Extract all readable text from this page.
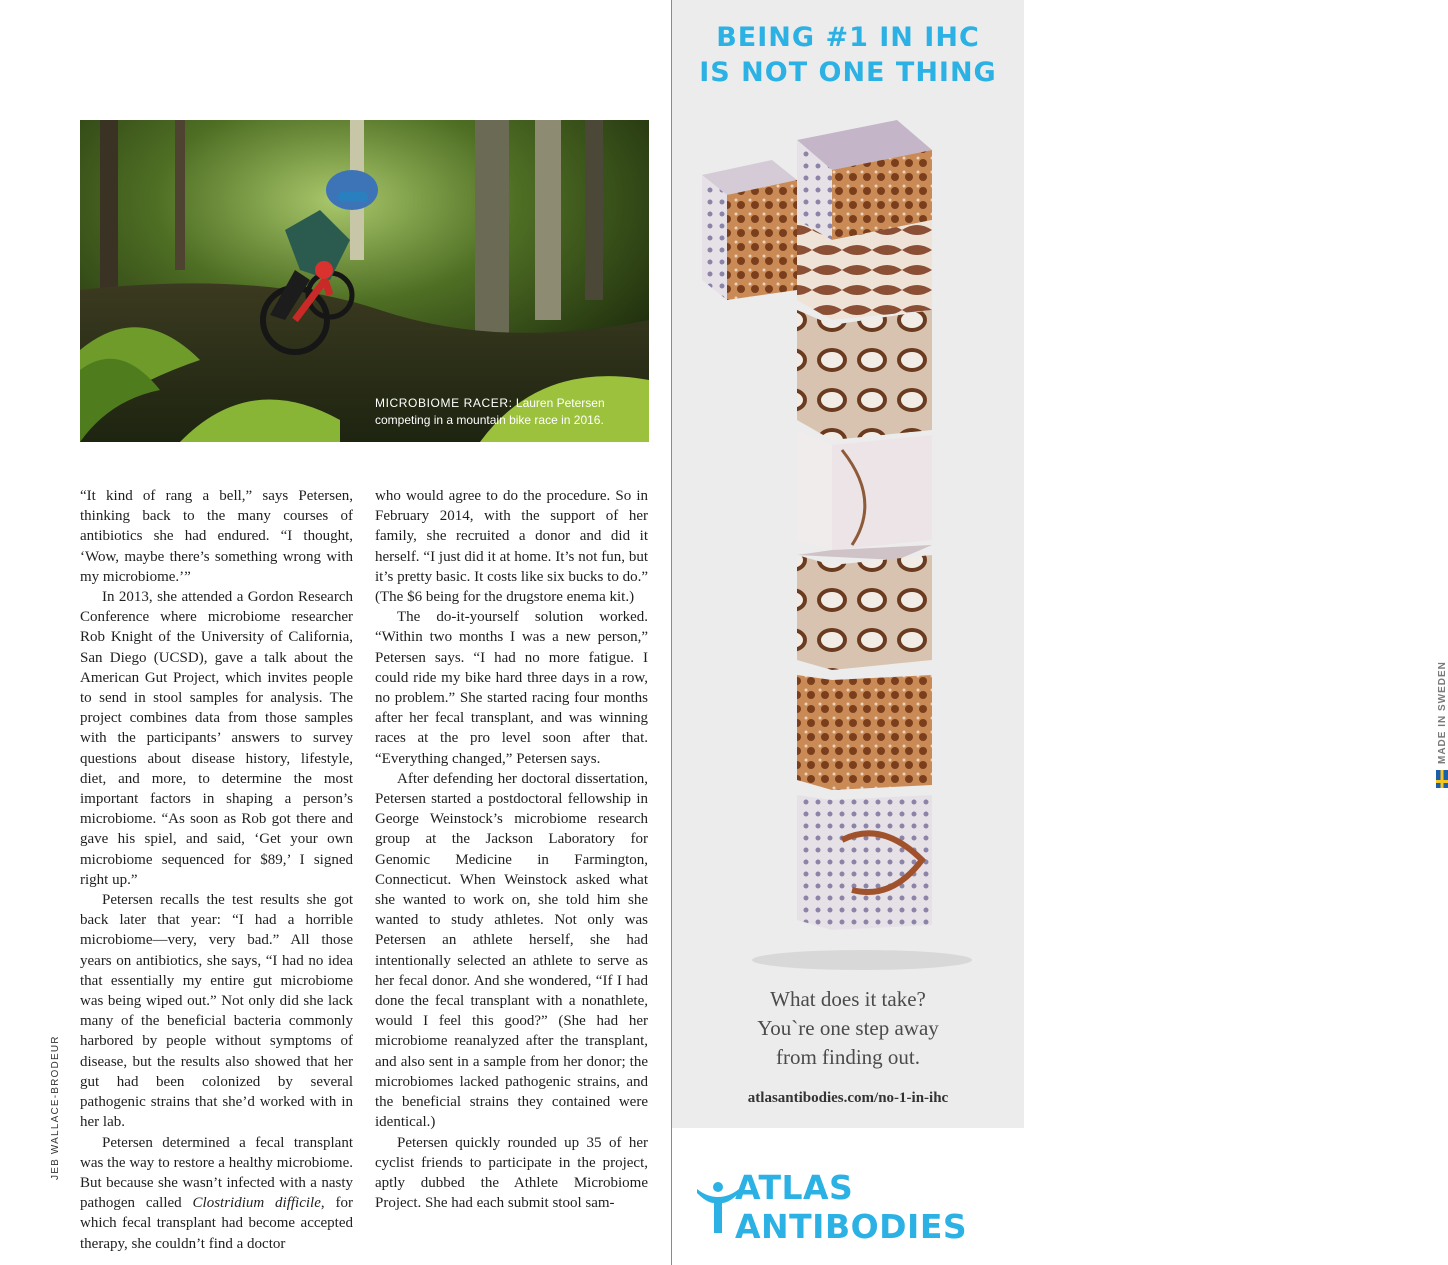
MICROBIOME RACER: Lauren Petersen competing in a mountain bike race in 2016.

“It kind of rang a bell,” says Petersen, thinking back to the many courses of antibiotics she had endured. “I thought, ‘Wow, maybe there’s something wrong with my microbiome.’”

In 2013, she attended a Gordon Research Conference where microbiome researcher Rob Knight of the University of California, San Diego (UCSD), gave a talk about the American Gut Project, which invites people to send in stool samples for analysis. The project combines data from those samples with the participants’ answers to survey questions about disease history, lifestyle, diet, and more, to determine the most important factors in shaping a person’s microbiome. “As soon as Rob got there and gave his spiel, and said, ‘Get your own microbiome sequenced for $89,’ I signed right up.”

Petersen recalls the test results she got back later that year: “I had a horrible microbiome—very, very bad.” All those years on antibiotics, she says, “I had no idea that essentially my entire gut microbiome was being wiped out.” Not only did she lack many of the beneficial bacteria commonly harbored by people without symptoms of disease, but the results also showed that her gut had been colonized by several pathogenic strains that she’d worked with in her lab.

Petersen determined a fecal transplant was the way to restore a healthy microbiome. But because she wasn’t infected with a nasty pathogen called Clostridium difficile, for which fecal transplant had become accepted therapy, she couldn’t find a doctor

who would agree to do the procedure. So in February 2014, with the support of her family, she recruited a donor and did it herself. “I just did it at home. It’s not fun, but it’s pretty basic. It costs like six bucks to do.” (The $6 being for the drugstore enema kit.)

The do-it-yourself solution worked. “Within two months I was a new person,” Petersen says. “I had no more fatigue. I could ride my bike hard three days in a row, no problem.” She started racing four months after her fecal transplant, and was winning races at the pro level soon after that. “Everything changed,” Petersen says.

After defending her doctoral dissertation, Petersen started a postdoctoral fellowship in George Weinstock’s microbiome research group at the Jackson Laboratory for Genomic Medicine in Farmington, Connecticut. When Weinstock asked what she wanted to work on, she told him she wanted to study athletes. Not only was Petersen an athlete herself, she had intentionally selected an athlete to serve as her fecal donor. And she wondered, “If I had done the fecal transplant with a nonathlete, would I feel this good?” (She had her microbiome reanalyzed after the transplant, and also sent in a sample from her donor; the microbiomes lacked pathogenic strains, and the beneficial strains they contained were identical.)

Petersen quickly rounded up 35 of her cyclist friends to participate in the project, aptly dubbed the Athlete Microbiome Project. She had each submit stool sam-

JEB WALLACE-BRODEUR
BEING #1 IN IHC
IS NOT ONE THING
MADE IN SWEDEN
What does it take?
You`re one step away
from finding out.
atlasantibodies.com/no-1-in-ihc
ATLAS ANTIBODIES
